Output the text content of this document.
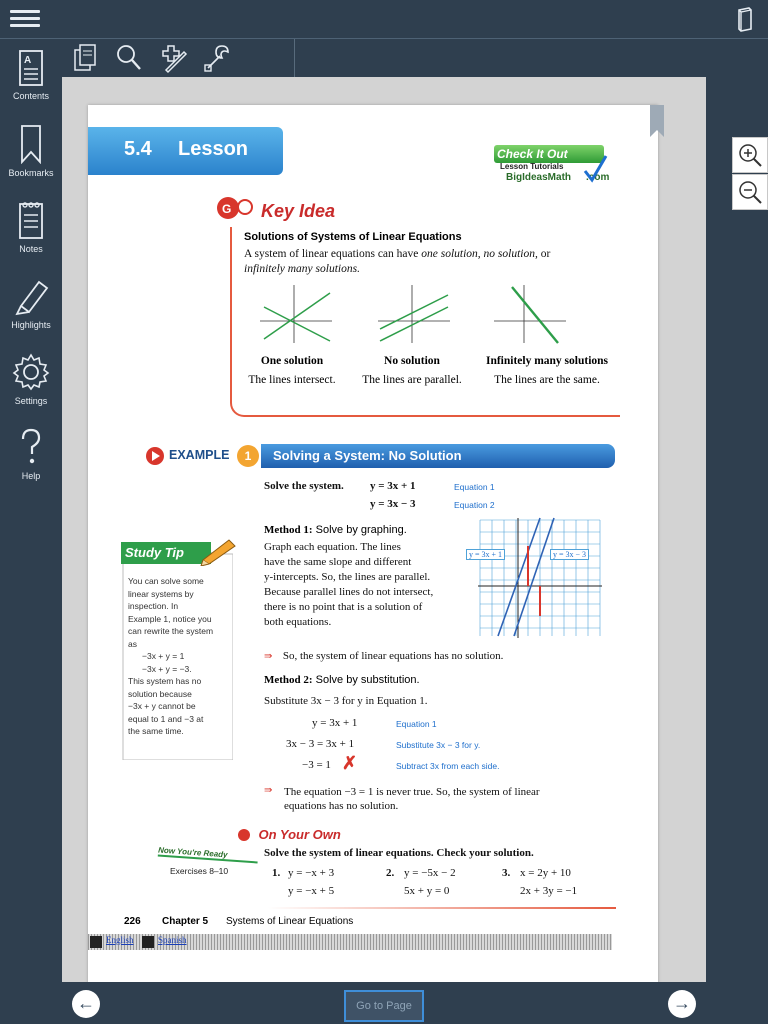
A
Contents
Bookmarks
Notes
Highlights
Settings
Help
5.4 Lesson	Check It Out
Lesson Tutorials
BigIdeasMath .com
G Key Idea
Solutions of Systems of Linear Equations
A system of linear equations can have one solution, no solution, or
infinitely many solutions.
One solution
The lines intersect.
No solution
The lines are parallel.
Infinitely many solutions
The lines are the same.
EXAMPLE	1	Solving a System: No Solution
Solve the system. y = 3x + 1
y = 3x − 3
Equation 1
Equation 2
Method 1: Solve by graphing.
Graph each equation. The lines
have the same slope and different
y-intercepts. So, the lines are parallel.
Because parallel lines do not intersect,
there is no point that is a solution of
both equations.
y = 3x + 1	y = 3x − 3
⇛ So, the system of linear equations has no solution.
Method 2: Solve by substitution.
Substitute 3x − 3 for y in Equation 1.
y = 3x + 1
3x − 3 = 3x + 1
−3 = 1 ✗
Equation 1
Substitute 3x − 3 for y.
Subtract 3x from each side.
⇛ The equation −3 = 1 is never true. So, the system of linear
equations has no solution.
Study Tip
You can solve some
linear systems by
inspection. In
Example 1, notice you
can rewrite the system
as
−3x + y = 1
−3x + y = −3.
This system has no
solution because
−3x + y cannot be
equal to 1 and −3 at
the same time.
On Your Own
Now You're Ready
Exercises 8–10
Solve the system of linear equations. Check your solution.
1. y = −x + 3
y = −x + 5
2. y = −5x − 2
5x + y = 0
3. x = 2y + 10
2x + 3y = −1
226 Chapter 5 Systems of Linear Equations
English	Spanish
←	Go to Page	→
